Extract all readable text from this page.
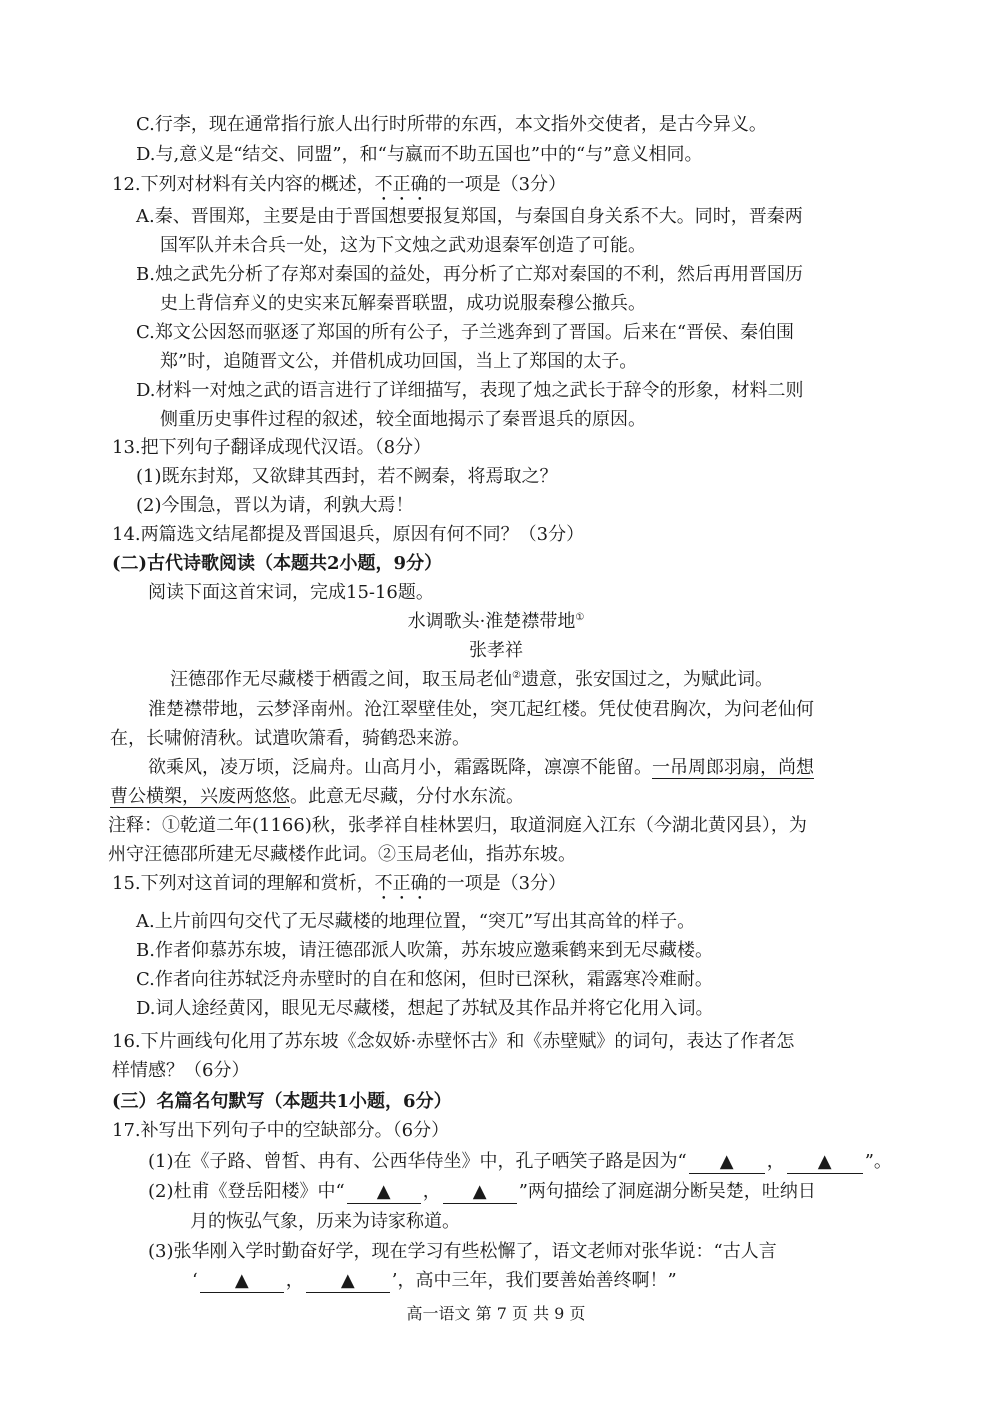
C.行李，现在通常指行旅人出行时所带的东西，本文指外交使者，是古今异义。
D.与,意义是“结交、同盟”，和“与嬴而不助五国也”中的“与”意义相同。
12.下列对材料有关内容的概述，不正确的一项是（3分）
A.秦、晋围郑，主要是由于晋国想要报复郑国，与秦国自身关系不大。同时，晋秦两
国军队并未合兵一处，这为下文烛之武劝退秦军创造了可能。
B.烛之武先分析了存郑对秦国的益处，再分析了亡郑对秦国的不利，然后再用晋国历
史上背信弃义的史实来瓦解秦晋联盟，成功说服秦穆公撤兵。
C.郑文公因怒而驱逐了郑国的所有公子，子兰逃奔到了晋国。后来在“晋侯、秦伯围
郑”时，追随晋文公，并借机成功回国，当上了郑国的太子。
D.材料一对烛之武的语言进行了详细描写，表现了烛之武长于辞令的形象，材料二则
侧重历史事件过程的叙述，较全面地揭示了秦晋退兵的原因。
13.把下列句子翻译成现代汉语。（8分）
(1)既东封郑，又欲肆其西封，若不阙秦，将焉取之？
(2)今围急，晋以为请，利孰大焉！
14.两篇选文结尾都提及晋国退兵，原因有何不同？（3分）
(二)古代诗歌阅读（本题共2小题，9分）
阅读下面这首宋词，完成15-16题。
水调歌头·淮楚襟带地①
张孝祥
汪德邵作无尽藏楼于栖霞之间，取玉局老仙②遗意，张安国过之，为赋此词。
淮楚襟带地，云梦泽南州。沧江翠壁佳处，突兀起红楼。凭仗使君胸次，为问老仙何
在，长啸俯清秋。试遣吹箫看，骑鹤恐来游。
欲乘风，凌万顷，泛扁舟。山高月小，霜露既降，凛凛不能留。一吊周郎羽扇，尚想
曹公横槊，兴废两悠悠。此意无尽藏，分付水东流。
注释：①乾道二年(1166)秋，张孝祥自桂林罢归，取道洞庭入江东（今湖北黄冈县），为
州守汪德邵所建无尽藏楼作此词。②玉局老仙，指苏东坡。
15.下列对这首词的理解和赏析，不正确的一项是（3分）
A.上片前四句交代了无尽藏楼的地理位置，“突兀”写出其高耸的样子。
B.作者仰慕苏东坡，请汪德邵派人吹箫，苏东坡应邀乘鹤来到无尽藏楼。
C.作者向往苏轼泛舟赤壁时的自在和悠闲，但时已深秋，霜露寒冷难耐。
D.词人途经黄冈，眼见无尽藏楼，想起了苏轼及其作品并将它化用入词。
16.下片画线句化用了苏东坡《念奴娇·赤壁怀古》和《赤壁赋》的词句，表达了作者怎
样情感？（6分）
(三）名篇名句默写（本题共1小题，6分）
17.补写出下列句子中的空缺部分。（6分）
(1)在《子路、曾皙、冉有、公西华侍坐》中，孔子哂笑子路是因为“ ▲ ， ▲ ”。
(2)杜甫《登岳阳楼》中“ ▲ ， ▲ ”两句描绘了洞庭湖分断吴楚，吐纳日
月的恢弘气象，历来为诗家称道。
(3)张华刚入学时勤奋好学，现在学习有些松懈了，语文老师对张华说：“古人言
‘ ▲ ， ▲ ’，高中三年，我们要善始善终啊！”
高一语文 第 7 页 共 9 页
